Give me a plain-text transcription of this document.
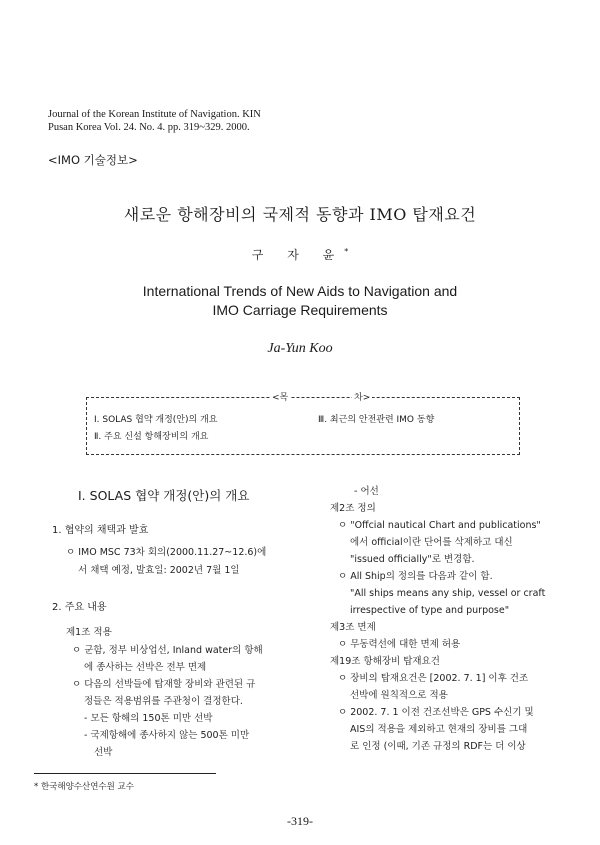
Journal of the Korean Institute of Navigation. KIN
Pusan Korea Vol. 24. No. 4. pp. 319~329. 2000.
<IMO 기술정보>
새로운 항해장비의 국제적 동향과 IMO 탑재요건
구 자 윤*
International Trends of New Aids to Navigation and
IMO Carriage Requirements
Ja-Yun Koo
<목	차>
Ⅰ. SOLAS 협약 개정(안)의 개요
Ⅱ. 주요 신설 항해장비의 개요
Ⅲ. 최근의 안전관련 IMO 동향
Ⅰ. SOLAS 협약 개정(안)의 개요
1. 협약의 채택과 발효
ㅇ IMO MSC 73차 회의(2000.11.27~12.6)에
서 채택 예정, 발효일: 2002년 7월 1일
2. 주요 내용
제1조 적용
ㅇ 군함, 정부 비상업선, Inland water의 항해
에 종사하는 선박은 전부 면제
ㅇ 다음의 선박들에 탑재할 장비와 관련된 규
정들은 적용범위를 주관청이 결정한다.
- 모든 항해의 150톤 미만 선박
- 국제항해에 종사하지 않는 500톤 미만
선박
- 어선
제2조 정의
ㅇ "Offcial nautical Chart and publications"
에서 official이란 단어를 삭제하고 대신
"issued officially"로 변경함.
ㅇ All Ship의 정의를 다음과 같이 함.
"All ships means any ship, vessel or craft
irrespective of type and purpose"
제3조 면제
ㅇ 무동력선에 대한 면제 허용
제19조 항해장비 탑재요건
ㅇ 장비의 탑재요건은 [2002. 7. 1] 이후 건조
선박에 원칙적으로 적용
ㅇ 2002. 7. 1 이전 건조선박은 GPS 수신기 및
AIS의 적용을 제외하고 현재의 장비를 그대
로 인정 (이때, 기존 규정의 RDF는 더 이상
* 한국해양수산연수원 교수
-319-
